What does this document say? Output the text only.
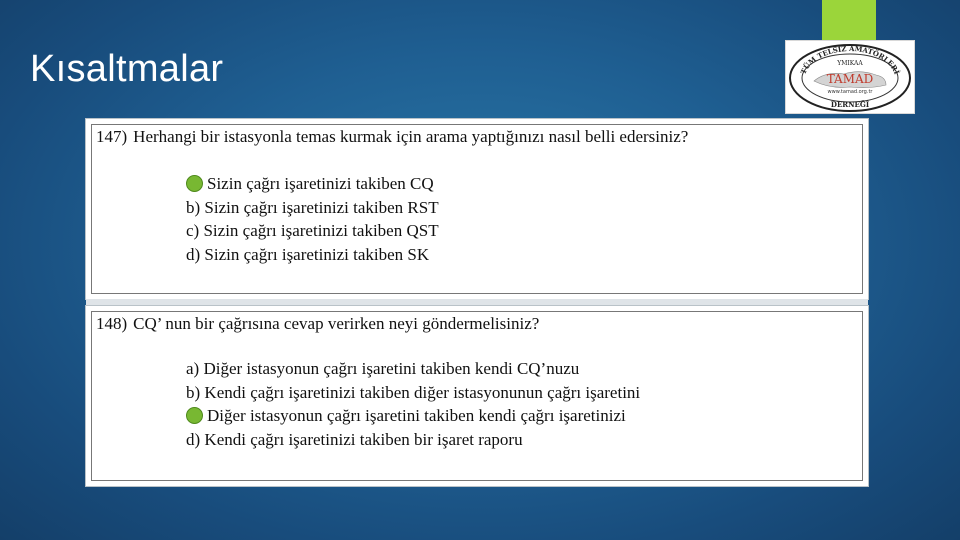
Kısaltmalar	TÜM TELSİZ AMATÖRLERİ
YMIKAA
TAMAD
www.tamad.org.tr
DERNEĞİ
147) Herhangi bir istasyonla temas kurmak için arama yaptığınızı nasıl belli edersiniz?
Sizin çağrı işaretinizi takiben CQ
b) Sizin çağrı işaretinizi takiben RST
c) Sizin çağrı işaretinizi takiben QST
d) Sizin çağrı işaretinizi takiben SK
148) CQ’ nun bir çağrısına cevap verirken neyi göndermelisiniz?
a) Diğer istasyonun çağrı işaretini takiben kendi CQ’nuzu
b) Kendi çağrı işaretinizi takiben diğer istasyonunun çağrı işaretini
Diğer istasyonun çağrı işaretini takiben kendi çağrı işaretinizi
d) Kendi çağrı işaretinizi takiben bir işaret raporu
